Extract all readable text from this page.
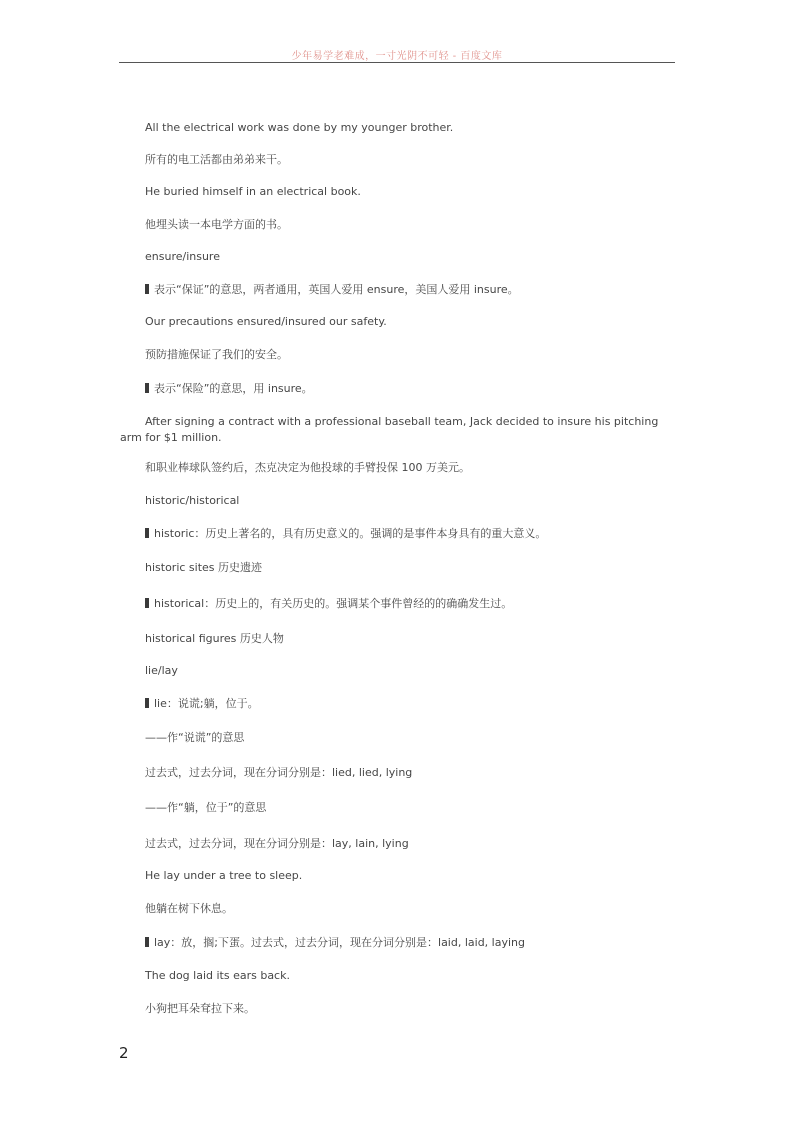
少年易学老难成，一寸光阴不可轻 - 百度文库
All the electrical work was done by my younger brother.
所有的电工活都由弟弟来干。
He buried himself in an electrical book.
他埋头读一本电学方面的书。
ensure/insure
表示“保证”的意思，两者通用，英国人爱用 ensure，美国人爱用 insure。
Our precautions ensured/insured our safety.
预防措施保证了我们的安全。
表示“保险”的意思，用 insure。
After signing a contract with a professional baseball team, Jack decided to insure his pitching arm for $1 million.
和职业棒球队签约后，杰克决定为他投球的手臂投保 100 万美元。
historic/historical
historic：历史上著名的，具有历史意义的。强调的是事件本身具有的重大意义。
historic sites 历史遗迹
historical：历史上的，有关历史的。强调某个事件曾经的的确确发生过。
historical figures 历史人物
lie/lay
lie：说谎;躺，位于。
——作“说谎”的意思
过去式，过去分词，现在分词分别是：lied, lied, lying
——作“躺，位于”的意思
过去式，过去分词，现在分词分别是：lay, lain, lying
He lay under a tree to sleep.
他躺在树下休息。
lay：放，搁;下蛋。过去式，过去分词，现在分词分别是：laid, laid, laying
The dog laid its ears back.
小狗把耳朵耷拉下来。
2
